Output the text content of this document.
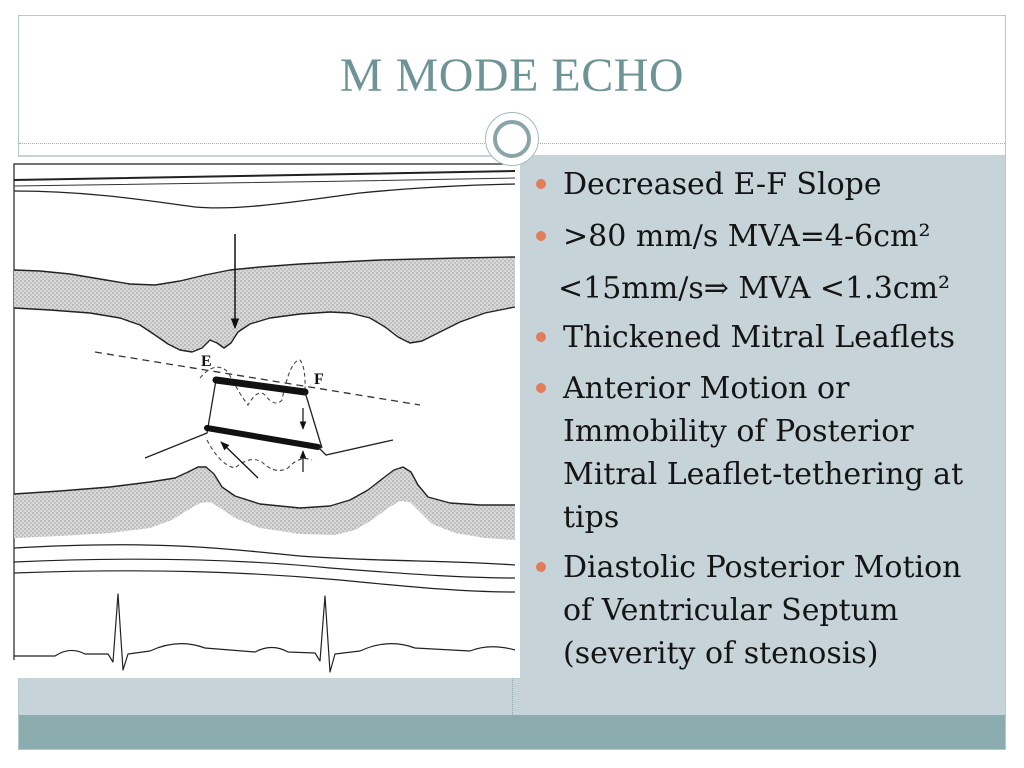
M MODE ECHO
E
F
Decreased E-F Slope
>80 mm/s MVA=4-6cm²
<15mm/s⇒ MVA <1.3cm²
Thickened Mitral Leaflets
Anterior Motion or
Immobility of Posterior
Mitral Leaflet-tethering at
tips
Diastolic Posterior Motion
of Ventricular Septum
(severity of stenosis)
